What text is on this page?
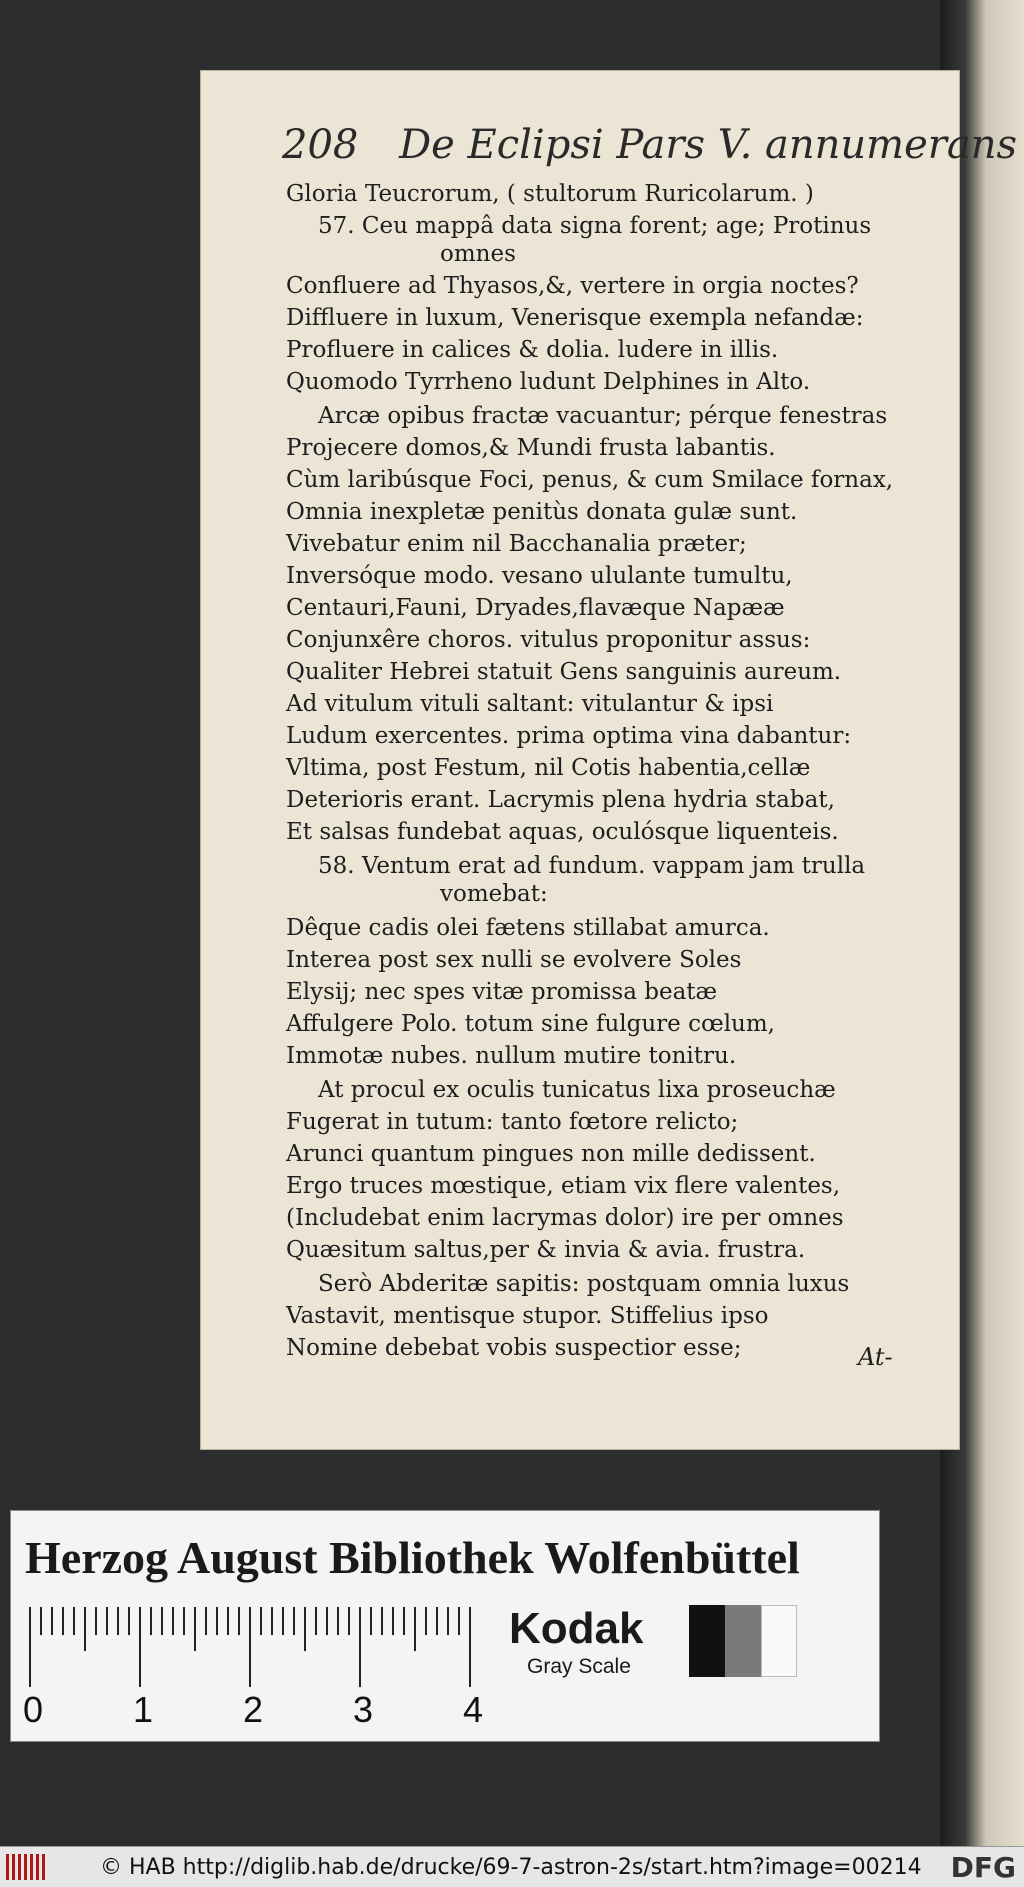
208 De Eclipsi Pars V. annumerans
Gloria Teucrorum, ( stultorum Ruricolarum. )
57. Ceu mappâ data signa forent; age; Protinus
omnes
Confluere ad Thyasos,&, vertere in orgia noctes?
Diffluere in luxum, Venerisque exempla nefandæ:
Profluere in calices & dolia. ludere in illis.
Quomodo Tyrrheno ludunt Delphines in Alto.
Arcæ opibus fractæ vacuantur; pérque fenestras
Projecere domos,& Mundi frusta labantis.
Cùm laribúsque Foci, penus, & cum Smilace fornax,
Omnia inexpletæ penitùs donata gulæ sunt.
Vivebatur enim nil Bacchanalia præter;
Inversóque modo. vesano ululante tumultu,
Centauri,Fauni, Dryades,flavæque Napææ
Conjunxêre choros. vitulus proponitur assus:
Qualiter Hebrei statuit Gens sanguinis aureum.
Ad vitulum vituli saltant: vitulantur & ipsi
Ludum exercentes. prima optima vina dabantur:
Vltima, post Festum, nil Cotis habentia,cellæ
Deterioris erant. Lacrymis plena hydria stabat,
Et salsas fundebat aquas, oculósque liquenteis.
58. Ventum erat ad fundum. vappam jam trulla
vomebat:
Dêque cadis olei fætens stillabat amurca.
Interea post sex nulli se evolvere Soles
Elysij; nec spes vitæ promissa beatæ
Affulgere Polo. totum sine fulgure cœlum,
Immotæ nubes. nullum mutire tonitru.
At procul ex oculis tunicatus lixa proseuchæ
Fugerat in tutum: tanto fœtore relicto;
Arunci quantum pingues non mille dedissent.
Ergo truces mœstique, etiam vix flere valentes,
(Includebat enim lacrymas dolor) ire per omnes
Quæsitum saltus,per & invia & avia. frustra.
Serò Abderitæ sapitis: postquam omnia luxus
Vastavit, mentisque stupor. Stiffelius ipso
Nomine debebat vobis suspectior esse;	At-
Herzog August Bibliothek Wolfenbüttel
0 1 2 3 4
Kodak
Gray Scale
© HAB http://diglib.hab.de/drucke/69-7-astron-2s/start.htm?image=00214 DFG
